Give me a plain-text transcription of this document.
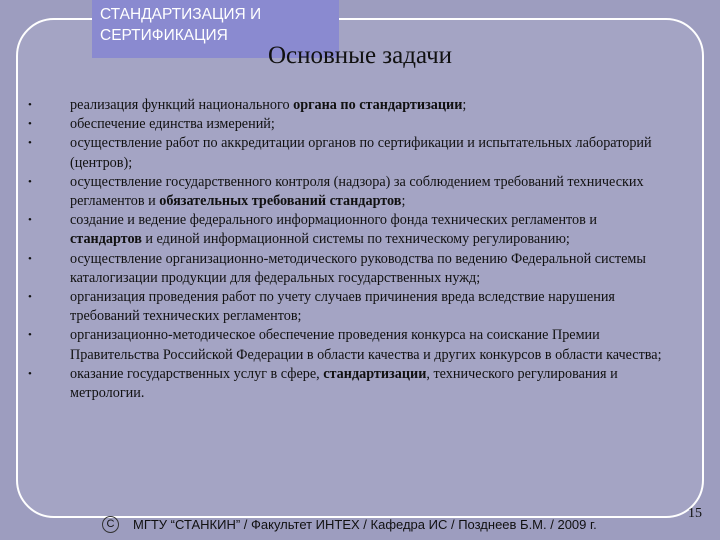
СТАНДАРТИЗАЦИЯ И
СЕРТИФИКАЦИЯ
Основные задачи
•	реализация функций национального органа по стандартизации;
•	обеспечение единства измерений;
•	осуществление работ по аккредитации органов по сертификации и испытательных лабораторий (центров);
•	осуществление государственного контроля (надзора) за соблюдением требований технических регламентов и обязательных требований стандартов;
•	создание и ведение федерального информационного фонда технических регламентов и стандартов и единой информационной системы по техническому регулированию;
•	осуществление организационно-методического руководства по ведению Федеральной системы каталогизации продукции для федеральных государственных нужд;
•	организация проведения работ по учету случаев причинения вреда вследствие нарушения требований технических регламентов;
•	организационно-методическое обеспечение проведения конкурса на соискание Премии Правительства Российской Федерации в области качества и других конкурсов в области качества;
•	оказание государственных услуг в сфере, стандартизации, технического регулирования и метрологии.
С	МГТУ “СТАНКИН” / Факультет ИНТЕХ / Кафедра ИС / Позднеев Б.М. / 2009 г.
15
